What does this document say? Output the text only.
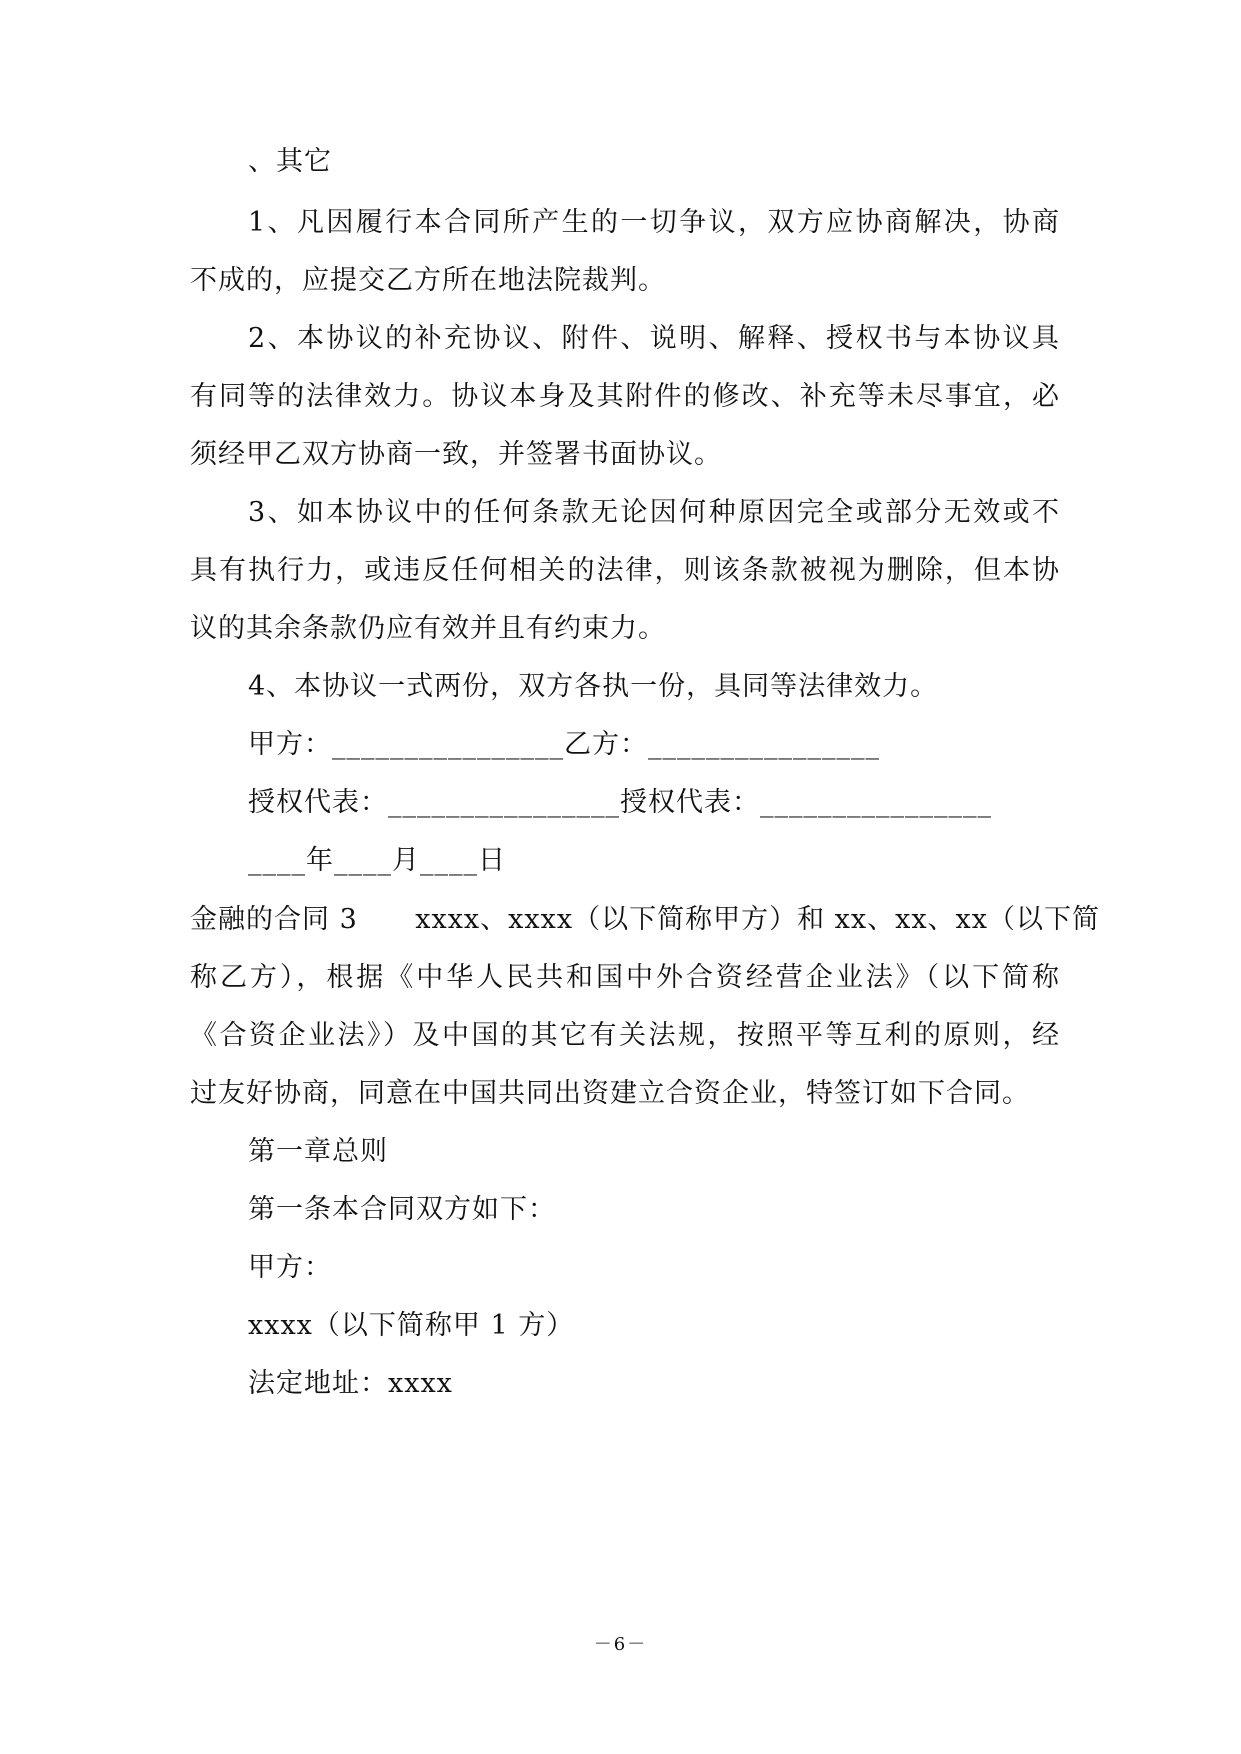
、其它
1、凡因履行本合同所产生的一切争议，双方应协商解决，协商
不成的，应提交乙方所在地法院裁判。
2、本协议的补充协议、附件、说明、解释、授权书与本协议具
有同等的法律效力。协议本身及其附件的修改、补充等未尽事宜，必
须经甲乙双方协商一致，并签署书面协议。
3、如本协议中的任何条款无论因何种原因完全或部分无效或不
具有执行力，或违反任何相关的法律，则该条款被视为删除，但本协
议的其余条款仍应有效并且有约束力。
4、本协议一式两份，双方各执一份，具同等法律效力。
甲方：________________乙方：________________
授权代表：________________授权代表：________________
____年____月____日
金融的合同 3      xxxx、xxxx（以下简称甲方）和 xx、xx、xx（以下简
称乙方），根据《中华人民共和国中外合资经营企业法》（以下简称
《合资企业法》）及中国的其它有关法规，按照平等互利的原则，经
过友好协商，同意在中国共同出资建立合资企业，特签订如下合同。
第一章总则
第一条本合同双方如下：
甲方：
xxxx（以下简称甲 1 方）
法定地址：xxxx
－6－
